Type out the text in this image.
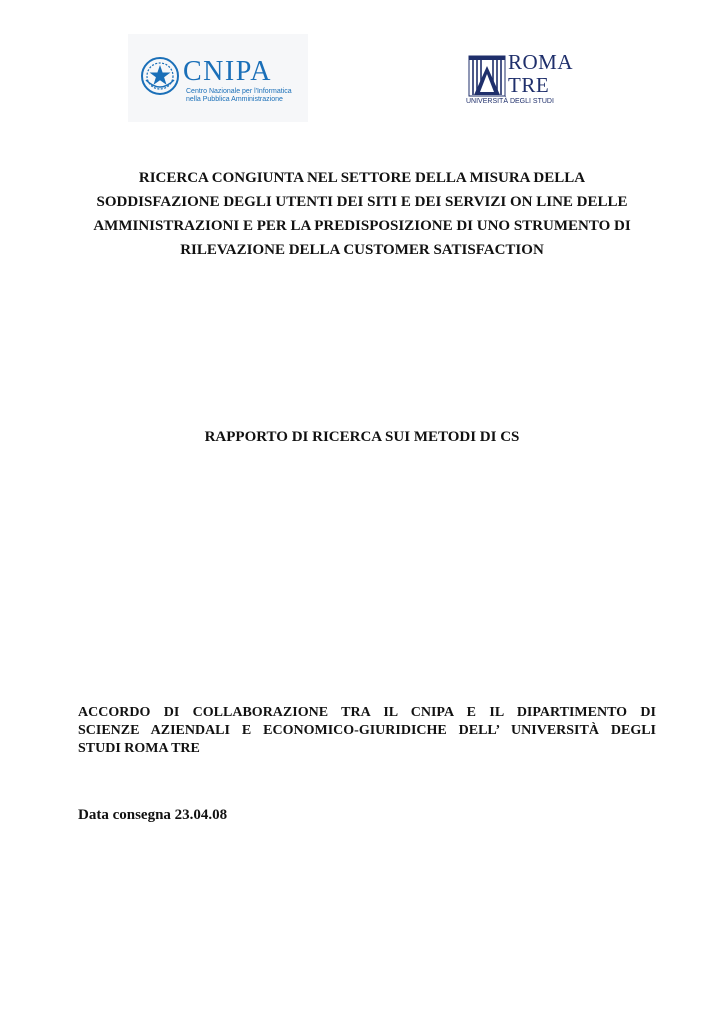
CNIPA
Centro Nazionale per l'Informatica
nella Pubblica Amministrazione
ROMA
TRE
UNIVERSITÀ DEGLI STUDI
RICERCA CONGIUNTA NEL SETTORE DELLA MISURA DELLA
SODDISFAZIONE DEGLI UTENTI DEI SITI E DEI SERVIZI ON LINE DELLE
AMMINISTRAZIONI E PER LA PREDISPOSIZIONE DI UNO STRUMENTO DI
RILEVAZIONE DELLA CUSTOMER SATISFACTION
RAPPORTO DI RICERCA SUI METODI DI CS
ACCORDO DI COLLABORAZIONE TRA IL CNIPA E IL DIPARTIMENTO DI
SCIENZE AZIENDALI E ECONOMICO-GIURIDICHE DELL’ UNIVERSITÀ DEGLI
STUDI ROMA TRE
Data consegna 23.04.08
